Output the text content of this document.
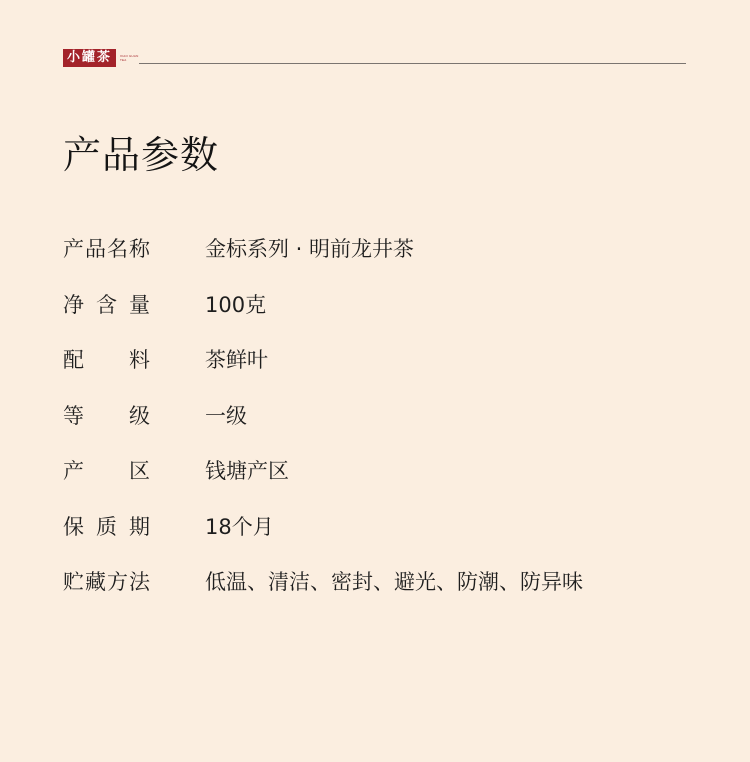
小罐茶	XIAO GUAN
TEA
产品参数
产 品 名 称	金标系列 · 明前龙井茶
净 含 量	100克
配 料	茶鲜叶
等 级	一级
产 区	钱塘产区
保 质 期	18个月
贮 藏 方 法	低温、清洁、密封、避光、防潮、防异味
